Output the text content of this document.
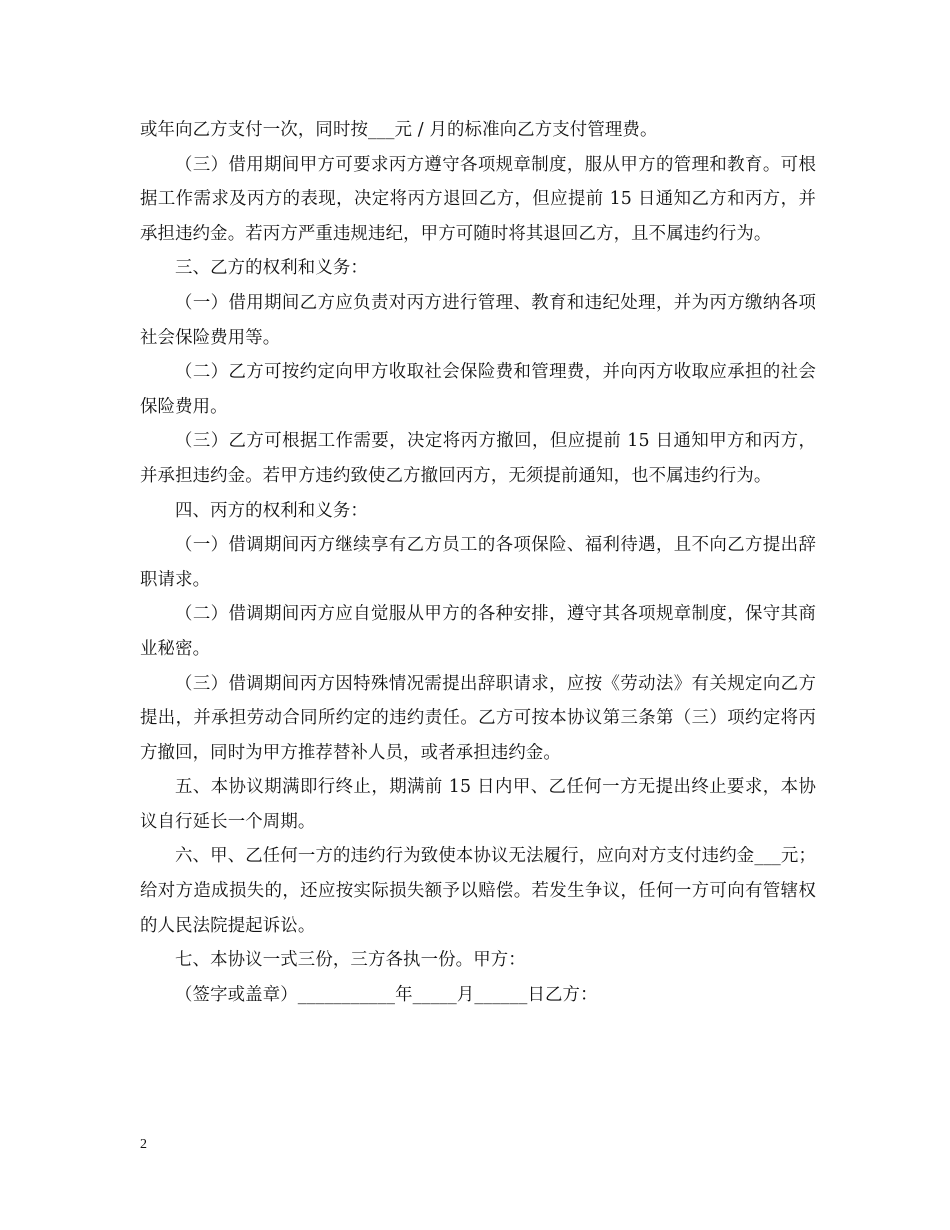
或年向乙方支付一次，同时按___元 / 月的标准向乙方支付管理费。

（三）借用期间甲方可要求丙方遵守各项规章制度，服从甲方的管理和教育。可根据工作需求及丙方的表现，决定将丙方退回乙方，但应提前 15 日通知乙方和丙方，并承担违约金。若丙方严重违规违纪，甲方可随时将其退回乙方，且不属违约行为。

三、乙方的权利和义务：

（一）借用期间乙方应负责对丙方进行管理、教育和违纪处理，并为丙方缴纳各项社会保险费用等。

（二）乙方可按约定向甲方收取社会保险费和管理费，并向丙方收取应承担的社会保险费用。

（三）乙方可根据工作需要，决定将丙方撤回，但应提前 15 日通知甲方和丙方，并承担违约金。若甲方违约致使乙方撤回丙方，无须提前通知，也不属违约行为。

四、丙方的权利和义务：

（一）借调期间丙方继续享有乙方员工的各项保险、福利待遇，且不向乙方提出辞职请求。

（二）借调期间丙方应自觉服从甲方的各种安排，遵守其各项规章制度，保守其商业秘密。

（三）借调期间丙方因特殊情况需提出辞职请求，应按《劳动法》有关规定向乙方提出，并承担劳动合同所约定的违约责任。乙方可按本协议第三条第（三）项约定将丙方撤回，同时为甲方推荐替补人员，或者承担违约金。

五、本协议期满即行终止，期满前 15 日内甲、乙任何一方无提出终止要求，本协议自行延长一个周期。

六、甲、乙任何一方的违约行为致使本协议无法履行，应向对方支付违约金___元；给对方造成损失的，还应按实际损失额予以赔偿。若发生争议，任何一方可向有管辖权的人民法院提起诉讼。

七、本协议一式三份，三方各执一份。甲方：

（签字或盖章）___________年_____月______日乙方：

2
